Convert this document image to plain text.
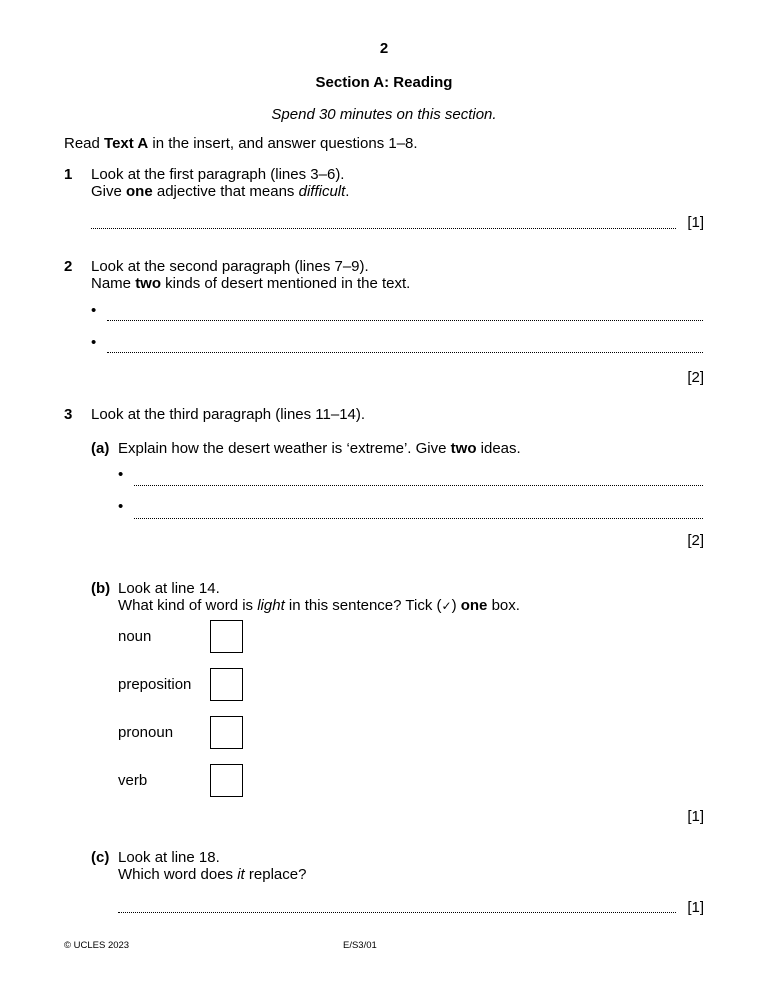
2
Section A: Reading
Spend 30 minutes on this section.
Read Text A in the insert, and answer questions 1–8.
1 Look at the first paragraph (lines 3–6).
Give one adjective that means difficult.
[1]
2 Look at the second paragraph (lines 7–9).
Name two kinds of desert mentioned in the text.
•
•
[2]
3 Look at the third paragraph (lines 11–14).
(a) Explain how the desert weather is ‘extreme’. Give two ideas.
•
•
[2]
(b) Look at line 14.
What kind of word is light in this sentence? Tick (✓) one box.
noun
preposition
pronoun
verb
[1]
(c) Look at line 18.
Which word does it replace?
[1]
© UCLES 2023	E/S3/01
